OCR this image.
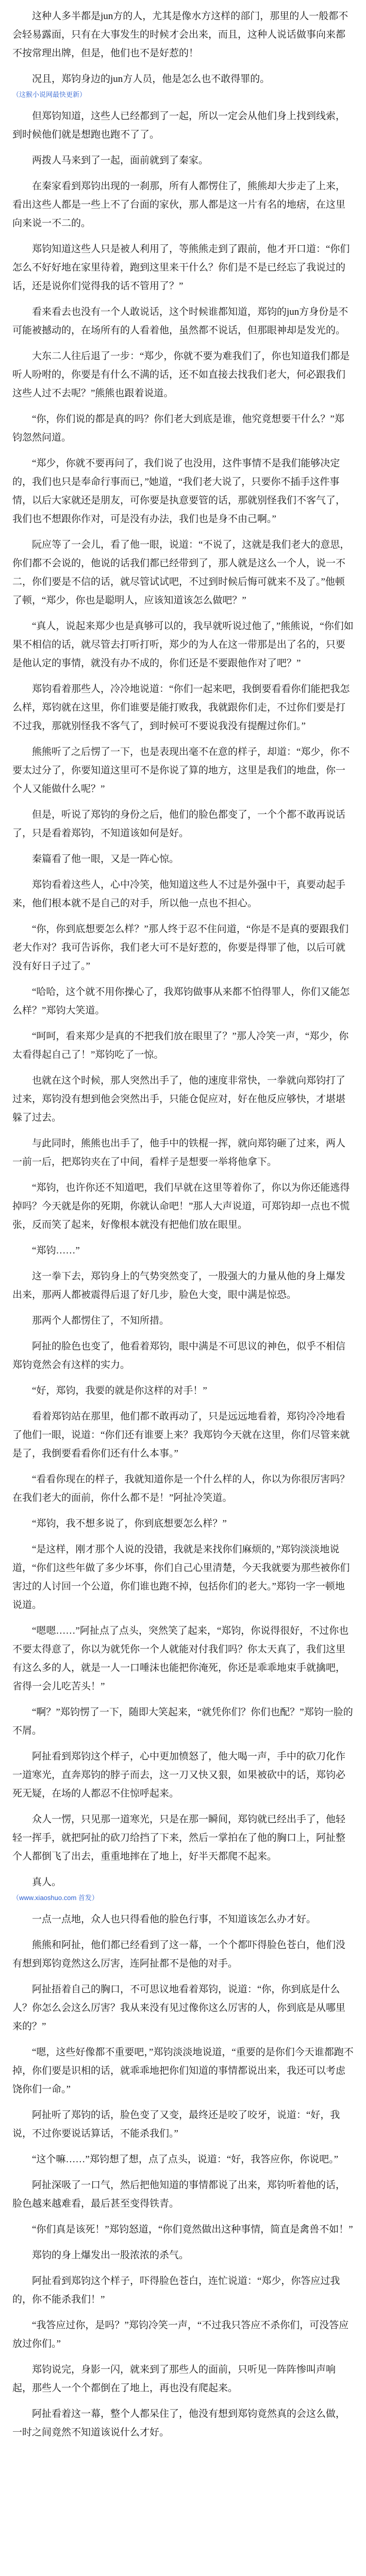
这种人多半都是jun方的人，尤其是像水方这样的部门，那里的人一般都不会轻易露面，只有在大事发生的时候才会出来，而且，这种人说话做事向来都不按常理出牌，但是，他们也不是好惹的！

况且，郑钧身边的jun方人员，他是怎么也不敢得罪的。

（这猴小说网最快更新）

但郑钧知道，这些人已经都到了一起，所以一定会从他们身上找到线索，到时候他们就是想跑也跑不了了。

两拨人马来到了一起，面前就到了秦家。

在秦家看到郑钧出现的一刹那，所有人都愣住了，熊熊却大步走了上来，看出这些人都是一些上不了台面的家伙，那人都是这一片有名的地痞，在这里向来说一不二的。

郑钧知道这些人只是被人利用了，等熊熊走到了跟前，他才开口道：“你们怎么不好好地在家里待着，跑到这里来干什么？你们是不是已经忘了我说过的话，还是说你们觉得我的话不管用了？”

看来看去也没有一个人敢说话，这个时候谁都知道，郑钧的jun方身份是不可能被撼动的，在场所有的人看着他，虽然都不说话，但那眼神却是发光的。

大东二人往后退了一步：“郑少，你就不要为难我们了，你也知道我们都是听人吩咐的，你要是有什么不满的话，还不如直接去找我们老大，何必跟我们这些人过不去呢？”熊熊也跟着说道。

“你，你们说的都是真的吗？你们老大到底是谁，他究竟想要干什么？”郑钧忽然问道。

“郑少，你就不要再问了，我们说了也没用，这件事情不是我们能够决定的，我们也只是奉命行事而已，”她道，“我们老大说了，只要你不插手这件事情，以后大家就还是朋友，可你要是执意要管的话，那就别怪我们不客气了，我们也不想跟你作对，可是没有办法，我们也是身不由己啊。”

阮应等了一会儿，看了他一眼，说道：“不说了，这就是我们老大的意思，你们都不会说的，他说的话我们都已经带到了，那人就是这么一个人，说一不二，你们要是不信的话，就尽管试试吧，不过到时候后悔可就来不及了。”他顿了顿，“郑少，你也是聪明人，应该知道该怎么做吧？”

“真人，说起来郑少也是真够可以的，我早就听说过他了，”熊熊说，“你们如果不相信的话，就尽管去打听打听，郑少的为人在这一带那是出了名的，只要是他认定的事情，就没有办不成的，你们还是不要跟他作对了吧？”

郑钧看着那些人，冷冷地说道：“你们一起来吧，我倒要看看你们能把我怎么样，郑钧就在这里，你们谁要是能打败我，我就跟你们走，不过你们要是打不过我，那就别怪我不客气了，到时候可不要说我没有提醒过你们。”

熊熊听了之后愣了一下，也是表现出毫不在意的样子，却道：“郑少，你不要太过分了，你要知道这里可不是你说了算的地方，这里是我们的地盘，你一个人又能做什么呢？”

但是，听说了郑钧的身份之后，他们的脸色都变了，一个个都不敢再说话了，只是看着郑钧，不知道该如何是好。

秦篇看了他一眼，又是一阵心惊。

郑钧看着这些人，心中冷笑，他知道这些人不过是外强中干，真要动起手来，他们根本就不是自己的对手，所以他一点也不担心。

“你，你到底想要怎么样？”那人终于忍不住问道，“你是不是真的要跟我们老大作对？我可告诉你，我们老大可不是好惹的，你要是得罪了他，以后可就没有好日子过了。”

“哈哈，这个就不用你操心了，我郑钧做事从来都不怕得罪人，你们又能怎么样？”郑钧大笑道。

“呵呵，看来郑少是真的不把我们放在眼里了？”那人冷笑一声，“郑少，你太看得起自己了！”郑钧吃了一惊。

也就在这个时候，那人突然出手了，他的速度非常快，一拳就向郑钧打了过来，郑钧没有想到他会突然出手，只能仓促应对，好在他反应够快，才堪堪躲了过去。

与此同时，熊熊也出手了，他手中的铁棍一挥，就向郑钧砸了过来，两人一前一后，把郑钧夹在了中间，看样子是想要一举将他拿下。

“郑钧，也许你还不知道吧，我们早就在这里等着你了，你以为你还能逃得掉吗？今天就是你的死期，你就认命吧！”那人大声说道，可郑钧却一点也不慌张，反而笑了起来，好像根本就没有把他们放在眼里。

“郑钧……”

这一拳下去，郑钧身上的气势突然变了，一股强大的力量从他的身上爆发出来，那两人都被震得后退了好几步，脸色大变，眼中满是惊恐。

那两个人都愣住了，不知所措。

阿扯的脸色也变了，他看着郑钧，眼中满是不可思议的神色，似乎不相信郑钧竟然会有这样的实力。

“好，郑钧，我要的就是你这样的对手！”

看着郑钧站在那里，他们都不敢再动了，只是远远地看着，郑钧冷冷地看了他们一眼，说道：“你们还有谁要上来？我郑钧今天就在这里，你们尽管来就是了，我倒要看看你们还有什么本事。”

“看看你现在的样子，我就知道你是一个什么样的人，你以为你很厉害吗？在我们老大的面前，你什么都不是！”阿扯冷笑道。

“郑钧，我不想多说了，你到底想要怎么样？”

“是这样，刚才那个人说的没错，我就是来找你们麻烦的，”郑钧淡淡地说道，“你们这些年做了多少坏事，你们自己心里清楚，今天我就要为那些被你们害过的人讨回一个公道，你们谁也跑不掉，包括你们的老大。”郑钧一字一顿地说道。

“嗯嗯……”阿扯点了点头，突然笑了起来，“郑钧，你说得很好，不过你也不要太得意了，你以为就凭你一个人就能对付我们吗？你太天真了，我们这里有这么多的人，就是一人一口唾沫也能把你淹死，你还是乖乖地束手就擒吧，省得一会儿吃苦头！”

“啊？”郑钧愣了一下，随即大笑起来，“就凭你们？你们也配？”郑钧一脸的不屑。

阿扯看到郑钧这个样子，心中更加愤怒了，他大喝一声，手中的砍刀化作一道寒光，直奔郑钧的脖子而去，这一刀又快又狠，如果被砍中的话，郑钧必死无疑，在场的人都忍不住惊呼起来。

众人一愣，只见那一道寒光，只是在那一瞬间，郑钧就已经出手了，他轻轻一挥手，就把阿扯的砍刀给挡了下来，然后一掌拍在了他的胸口上，阿扯整个人都倒飞了出去，重重地摔在了地上，好半天都爬不起来。

真人。

（www.xiaoshuo.com 首发）

一点一点地，众人也只得看他的脸色行事，不知道该怎么办才好。

熊熊和阿扯，他们都已经看到了这一幕，一个个都吓得脸色苍白，他们没有想到郑钧竟然这么厉害，连阿扯都不是他的对手。

阿扯捂着自己的胸口，不可思议地看着郑钧，说道：“你，你到底是什么人？你怎么会这么厉害？我从来没有见过像你这么厉害的人，你到底是从哪里来的？”

“嗯，这些好像都不重要吧，”郑钧淡淡地说道，“重要的是你们今天谁都跑不掉，你们要是识相的话，就乖乖地把你们知道的事情都说出来，我还可以考虑饶你们一命。”

阿扯听了郑钧的话，脸色变了又变，最终还是咬了咬牙，说道：“好，我说，不过你要说话算话，不能杀我们。”

“这个嘛……”郑钧想了想，点了点头，说道：“好，我答应你，你说吧。”

阿扯深吸了一口气，然后把他知道的事情都说了出来，郑钧听着他的话，脸色越来越难看，最后甚至变得铁青。

“你们真是该死！”郑钧怒道，“你们竟然做出这种事情，简直是禽兽不如！”

郑钧的身上爆发出一股浓浓的杀气。

阿扯看到郑钧这个样子，吓得脸色苍白，连忙说道：“郑少，你答应过我的，你不能杀我们！”

“我答应过你，是吗？”郑钧冷笑一声，“不过我只答应不杀你们，可没答应放过你们。”

郑钧说完，身影一闪，就来到了那些人的面前，只听见一阵阵惨叫声响起，那些人一个个都倒在了地上，再也没有爬起来。

阿扯看着这一幕，整个人都呆住了，他没有想到郑钧竟然真的会这么做，一时之间竟然不知道该说什么才好。
